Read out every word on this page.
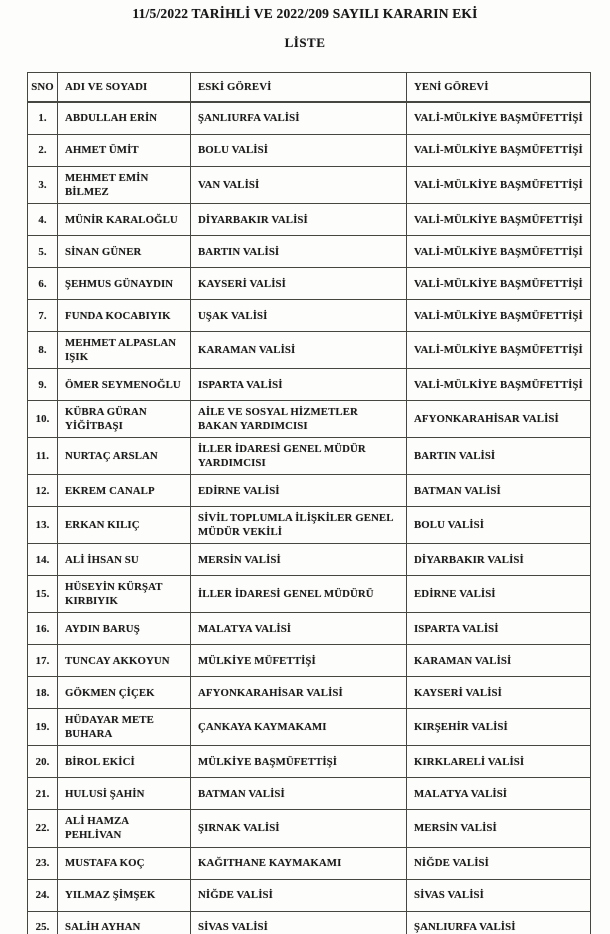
11/5/2022 TARİHLİ VE 2022/209 SAYILI KARARIN EKİ
LİSTE
SNO	ADI VE SOYADI	ESKİ GÖREVİ	YENİ GÖREVİ
1.	ABDULLAH ERİN	ŞANLIURFA VALİSİ	VALİ-MÜLKİYE BAŞMÜFETTİŞİ
2.	AHMET ÜMİT	BOLU VALİSİ	VALİ-MÜLKİYE BAŞMÜFETTİŞİ
3.	MEHMET EMİN BİLMEZ	VAN VALİSİ	VALİ-MÜLKİYE BAŞMÜFETTİŞİ
4.	MÜNİR KARALOĞLU	DİYARBAKIR VALİSİ	VALİ-MÜLKİYE BAŞMÜFETTİŞİ
5.	SİNAN GÜNER	BARTIN VALİSİ	VALİ-MÜLKİYE BAŞMÜFETTİŞİ
6.	ŞEHMUS GÜNAYDIN	KAYSERİ VALİSİ	VALİ-MÜLKİYE BAŞMÜFETTİŞİ
7.	FUNDA KOCABIYIK	UŞAK VALİSİ	VALİ-MÜLKİYE BAŞMÜFETTİŞİ
8.	MEHMET ALPASLAN IŞIK	KARAMAN VALİSİ	VALİ-MÜLKİYE BAŞMÜFETTİŞİ
9.	ÖMER SEYMENOĞLU	ISPARTA VALİSİ	VALİ-MÜLKİYE BAŞMÜFETTİŞİ
10.	KÜBRA GÜRAN YİĞİTBAŞI	AİLE VE SOSYAL HİZMETLER BAKAN YARDIMCISI	AFYONKARAHİSAR VALİSİ
11.	NURTAÇ ARSLAN	İLLER İDARESİ GENEL MÜDÜR YARDIMCISI	BARTIN VALİSİ
12.	EKREM CANALP	EDİRNE VALİSİ	BATMAN VALİSİ
13.	ERKAN KILIÇ	SİVİL TOPLUMLA İLİŞKİLER GENEL MÜDÜR VEKİLİ	BOLU VALİSİ
14.	ALİ İHSAN SU	MERSİN VALİSİ	DİYARBAKIR VALİSİ
15.	HÜSEYİN KÜRŞAT KIRBIYIK	İLLER İDARESİ GENEL MÜDÜRÜ	EDİRNE VALİSİ
16.	AYDIN BARUŞ	MALATYA VALİSİ	ISPARTA VALİSİ
17.	TUNCAY AKKOYUN	MÜLKİYE MÜFETTİŞİ	KARAMAN VALİSİ
18.	GÖKMEN ÇİÇEK	AFYONKARAHİSAR VALİSİ	KAYSERİ VALİSİ
19.	HÜDAYAR METE BUHARA	ÇANKAYA KAYMAKAMI	KIRŞEHİR VALİSİ
20.	BİROL EKİCİ	MÜLKİYE BAŞMÜFETTİŞİ	KIRKLARELİ VALİSİ
21.	HULUSİ ŞAHİN	BATMAN VALİSİ	MALATYA VALİSİ
22.	ALİ HAMZA PEHLİVAN	ŞIRNAK VALİSİ	MERSİN VALİSİ
23.	MUSTAFA KOÇ	KAĞITHANE KAYMAKAMI	NİĞDE VALİSİ
24.	YILMAZ ŞİMŞEK	NİĞDE VALİSİ	SİVAS VALİSİ
25.	SALİH AYHAN	SİVAS VALİSİ	ŞANLIURFA VALİSİ
